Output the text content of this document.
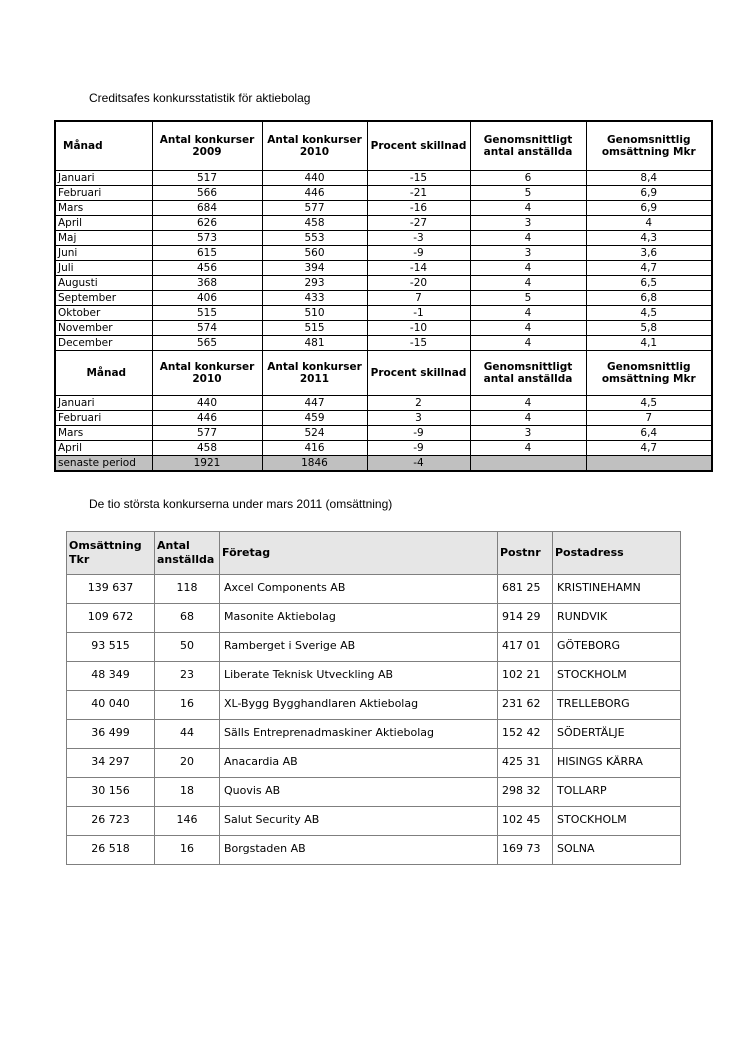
Creditsafes konkursstatistik för aktiebolag
Månad	Antal konkurser 2009	Antal konkurser 2010	Procent skillnad	Genomsnittligt antal anställda	Genomsnittlig omsättning Mkr
Januari	517	440	-15	6	8,4
Februari	566	446	-21	5	6,9
Mars	684	577	-16	4	6,9
April	626	458	-27	3	4
Maj	573	553	-3	4	4,3
Juni	615	560	-9	3	3,6
Juli	456	394	-14	4	4,7
Augusti	368	293	-20	4	6,5
September	406	433	7	5	6,8
Oktober	515	510	-1	4	4,5
November	574	515	-10	4	5,8
December	565	481	-15	4	4,1
Månad	Antal konkurser 2010	Antal konkurser 2011	Procent skillnad	Genomsnittligt antal anställda	Genomsnittlig omsättning Mkr
Januari	440	447	2	4	4,5
Februari	446	459	3	4	7
Mars	577	524	-9	3	6,4
April	458	416	-9	4	4,7
senaste period	1921	1846	-4		
De tio största konkurserna under mars 2011 (omsättning)
Omsättning Tkr	Antal anställda	Företag	Postnr	Postadress
139 637	118	Axcel Components AB	681 25	KRISTINEHAMN
109 672	68	Masonite Aktiebolag	914 29	RUNDVIK
93 515	50	Ramberget i Sverige AB	417 01	GÖTEBORG
48 349	23	Liberate Teknisk Utveckling AB	102 21	STOCKHOLM
40 040	16	XL-Bygg Bygghandlaren Aktiebolag	231 62	TRELLEBORG
36 499	44	Sälls Entreprenadmaskiner Aktiebolag	152 42	SÖDERTÄLJE
34 297	20	Anacardia AB	425 31	HISINGS KÄRRA
30 156	18	Quovis AB	298 32	TOLLARP
26 723	146	Salut Security AB	102 45	STOCKHOLM
26 518	16	Borgstaden AB	169 73	SOLNA
